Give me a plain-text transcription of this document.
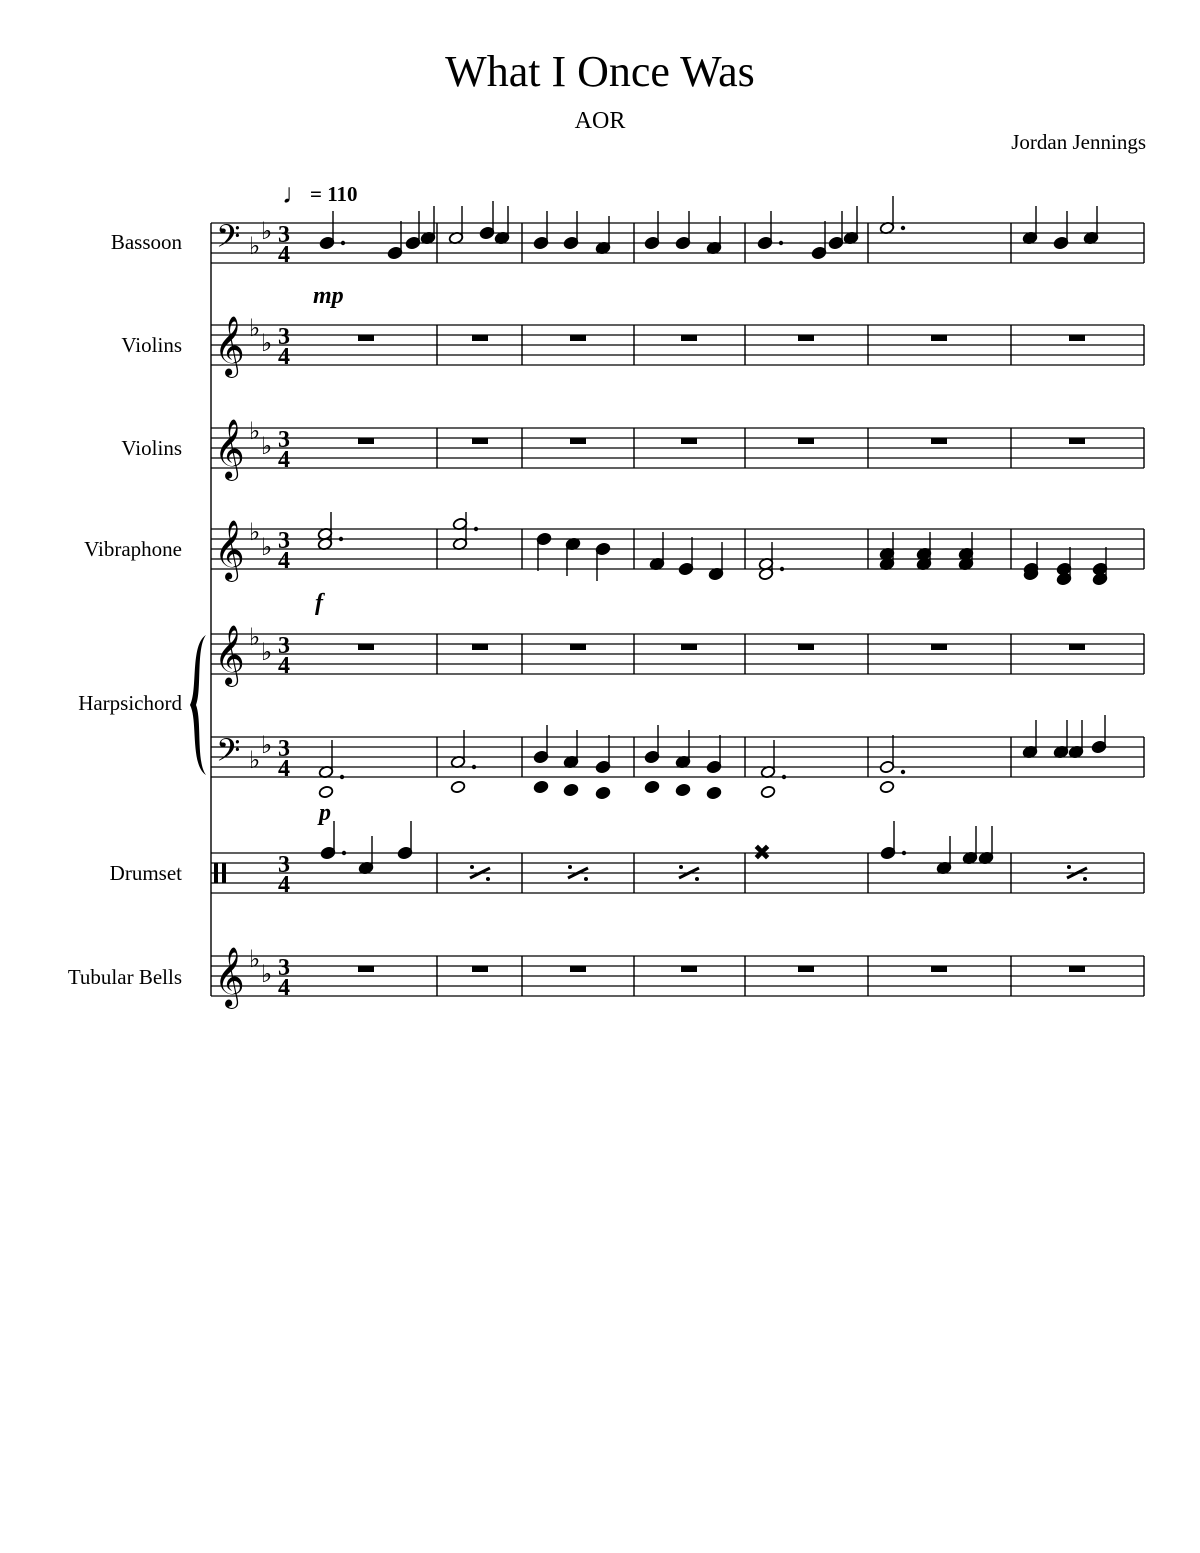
What I Once Was
AOR
Jordan Jennings
♩= 110
Bassoon
Violins
Violins
Vibraphone
Harpsichord
Drumset
Tubular Bells
mp
f
p
𝄢
𝄞
𝄞
𝄞
𝄞
𝄢
𝄞
♭
♭
♭
♭
♭
♭
♭
♭
♭
♭
♭
♭
♭
♭
3
4
3
4
3
4
3
4
3
4
3
4
3
4
3
4
✖
